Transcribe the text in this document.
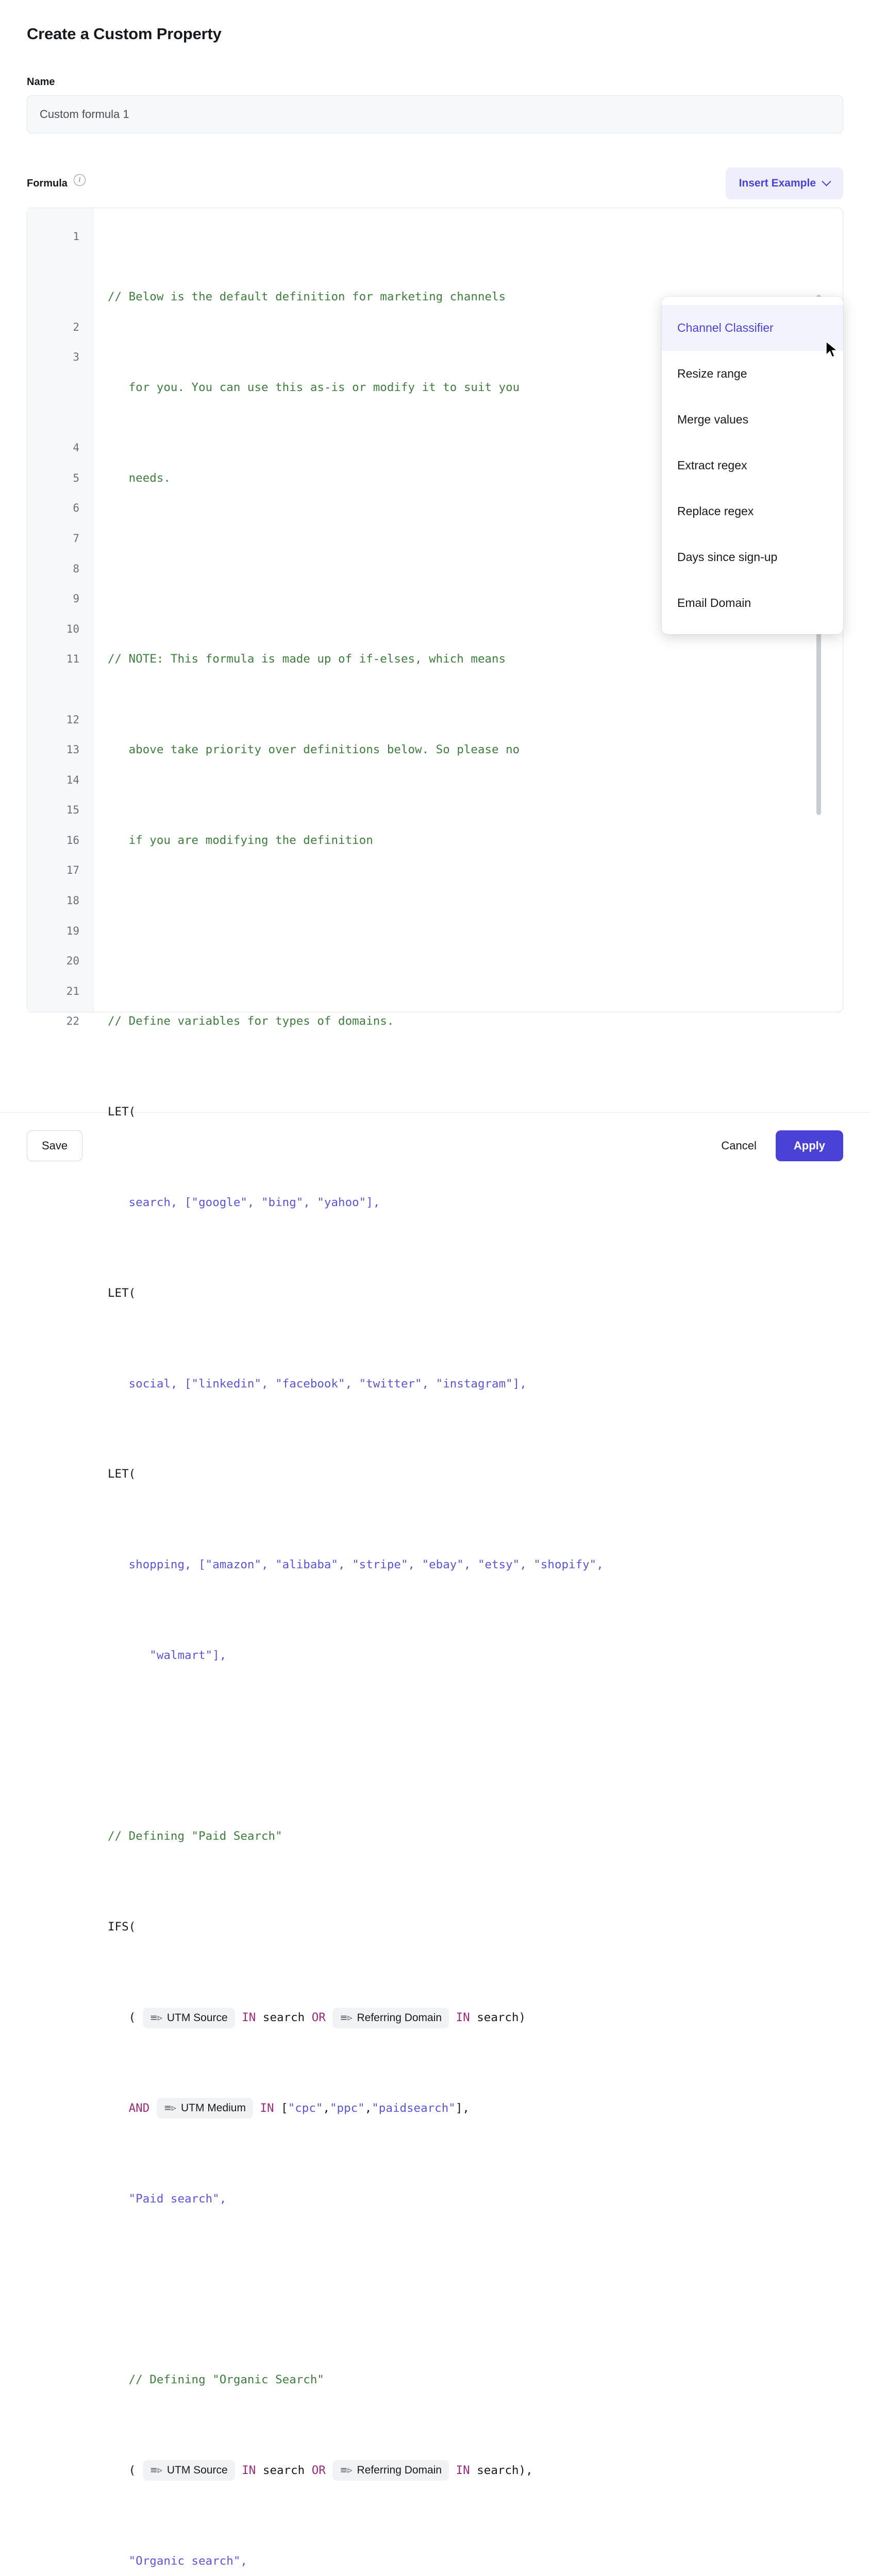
Create a Custom Property
Name
Custom formula 1
Formula	i	Insert Example
1
2
3
4
5
6
7
8
9
10
11
12
13
14
15
16
17
18
19
20
21
22

// Below is the default definition for marketing channels

for you. You can use this as-is or modify it to suit you

needs.

// NOTE: This formula is made up of if-elses, which means

above take priority over definitions below. So please no

if you are modifying the definition

// Define variables for types of domains.

LET(

search, ["google", "bing", "yahoo"],

LET(

social, ["linkedin", "facebook", "twitter", "instagram"],

LET(

shopping, ["amazon", "alibaba", "stripe", "ebay", "etsy", "shopify",

"walmart"],

// Defining "Paid Search"

IFS(

( ≡▹ UTM Source IN search OR ≡▹ Referring Domain IN search)

AND ≡▹ UTM Medium IN ["cpc","ppc","paidsearch"],

"Paid search",

// Defining "Organic Search"

( ≡▹ UTM Source IN search OR ≡▹ Referring Domain IN search),

"Organic search",

Channel Classifier
Resize range
Merge values
Extract regex
Replace regex
Days since sign-up
Email Domain
Save	Cancel	Apply
